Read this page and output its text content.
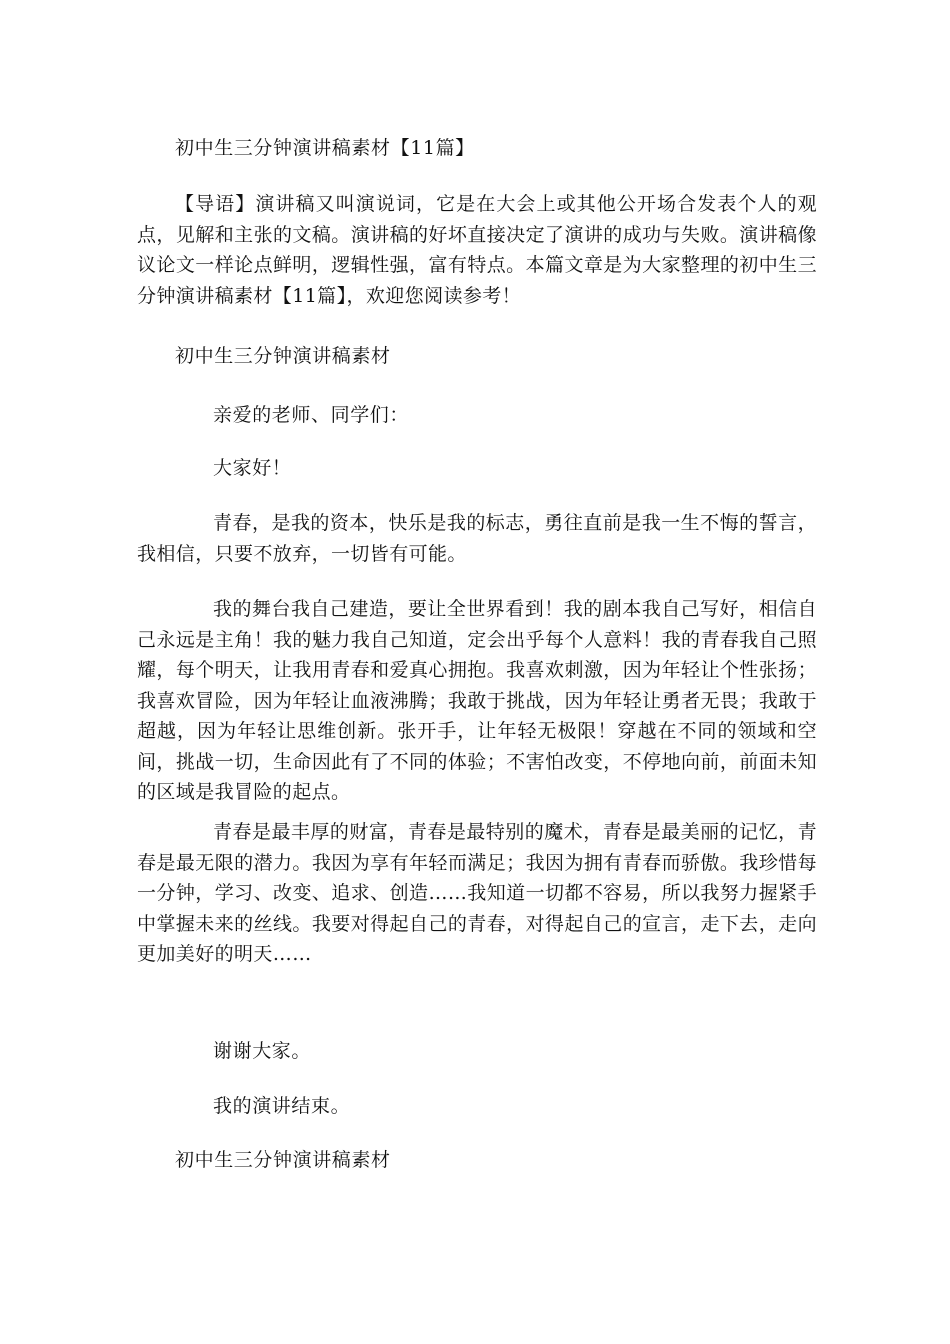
初中生三分钟演讲稿素材【11篇】
【导语】演讲稿又叫演说词，它是在大会上或其他公开场合发表个人的观点，见解和主张的文稿。演讲稿的好坏直接决定了演讲的成功与失败。演讲稿像议论文一样论点鲜明，逻辑性强，富有特点。本篇文章是为大家整理的初中生三分钟演讲稿素材【11篇】，欢迎您阅读参考！
初中生三分钟演讲稿素材
亲爱的老师、同学们：
大家好！
青春，是我的资本，快乐是我的标志，勇往直前是我一生不悔的誓言，我相信，只要不放弃，一切皆有可能。
我的舞台我自己建造，要让全世界看到！我的剧本我自己写好，相信自己永远是主角！我的魅力我自己知道，定会出乎每个人意料！我的青春我自己照耀，每个明天，让我用青春和爱真心拥抱。我喜欢刺激，因为年轻让个性张扬；我喜欢冒险，因为年轻让血液沸腾；我敢于挑战，因为年轻让勇者无畏；我敢于超越，因为年轻让思维创新。张开手，让年轻无极限！穿越在不同的领域和空间，挑战一切，生命因此有了不同的体验；不害怕改变，不停地向前，前面未知的区域是我冒险的起点。
青春是最丰厚的财富，青春是最特别的魔术，青春是最美丽的记忆，青春是最无限的潜力。我因为享有年轻而满足；我因为拥有青春而骄傲。我珍惜每一分钟，学习、改变、追求、创造……我知道一切都不容易，所以我努力握紧手中掌握未来的丝线。我要对得起自己的青春，对得起自己的宣言，走下去，走向更加美好的明天……
谢谢大家。
我的演讲结束。
初中生三分钟演讲稿素材
